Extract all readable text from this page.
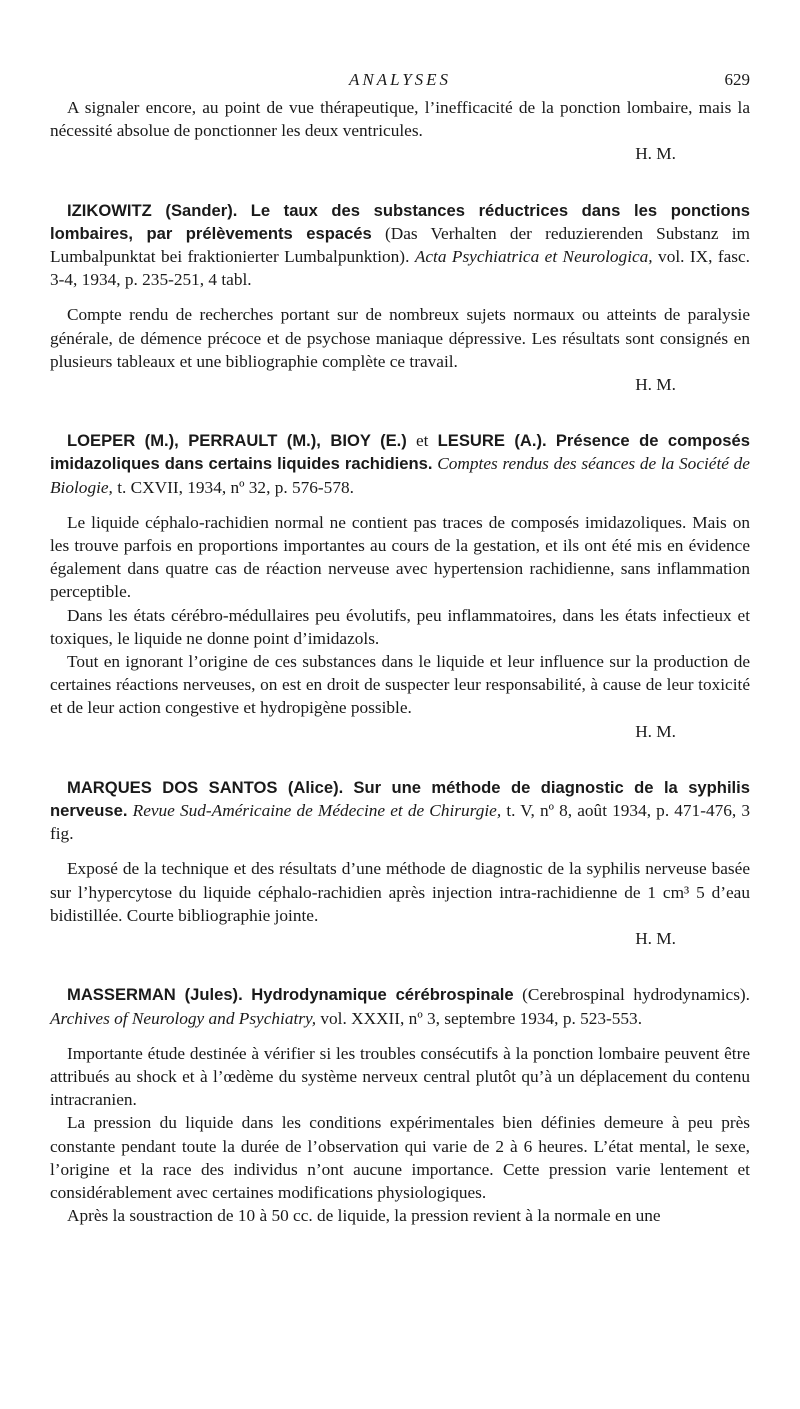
ANALYSES	629

A signaler encore, au point de vue thérapeutique, l’inefficacité de la ponction lombaire, mais la nécessité absolue de ponctionner les deux ventricules.

H. M.

IZIKOWITZ (Sander). Le taux des substances réductrices dans les ponctions lombaires, par prélèvements espacés (Das Verhalten der reduzierenden Substanz im Lumbalpunktat bei fraktionierter Lumbalpunktion). Acta Psychiatrica et Neurologica, vol. IX, fasc. 3-4, 1934, p. 235-251, 4 tabl.

Compte rendu de recherches portant sur de nombreux sujets normaux ou atteints de paralysie générale, de démence précoce et de psychose maniaque dépressive. Les résultats sont consignés en plusieurs tableaux et une bibliographie complète ce travail.

H. M.

LOEPER (M.), PERRAULT (M.), BIOY (E.) et LESURE (A.). Présence de composés imidazoliques dans certains liquides rachidiens. Comptes rendus des séances de la Société de Biologie, t. CXVII, 1934, nº 32, p. 576-578.

Le liquide céphalo-rachidien normal ne contient pas traces de composés imidazoliques. Mais on les trouve parfois en proportions importantes au cours de la gestation, et ils ont été mis en évidence également dans quatre cas de réaction nerveuse avec hypertension rachidienne, sans inflammation perceptible.

Dans les états cérébro-médullaires peu évolutifs, peu inflammatoires, dans les états infectieux et toxiques, le liquide ne donne point d’imidazols.

Tout en ignorant l’origine de ces substances dans le liquide et leur influence sur la production de certaines réactions nerveuses, on est en droit de suspecter leur responsabilité, à cause de leur toxicité et de leur action congestive et hydropigène possible.

H. M.

MARQUES DOS SANTOS (Alice). Sur une méthode de diagnostic de la syphilis nerveuse. Revue Sud-Américaine de Médecine et de Chirurgie, t. V, nº 8, août 1934, p. 471-476, 3 fig.

Exposé de la technique et des résultats d’une méthode de diagnostic de la syphilis nerveuse basée sur l’hypercytose du liquide céphalo-rachidien après injection intra-rachidienne de 1 cm³ 5 d’eau bidistillée. Courte bibliographie jointe.

H. M.

MASSERMAN (Jules). Hydrodynamique cérébrospinale (Cerebrospinal hydrodynamics). Archives of Neurology and Psychiatry, vol. XXXII, nº 3, septembre 1934, p. 523-553.

Importante étude destinée à vérifier si les troubles consécutifs à la ponction lombaire peuvent être attribués au shock et à l’œdème du système nerveux central plutôt qu’à un déplacement du contenu intracranien.

La pression du liquide dans les conditions expérimentales bien définies demeure à peu près constante pendant toute la durée de l’observation qui varie de 2 à 6 heures. L’état mental, le sexe, l’origine et la race des individus n’ont aucune importance. Cette pression varie lentement et considérablement avec certaines modifications physiologiques.

Après la soustraction de 10 à 50 cc. de liquide, la pression revient à la normale en une
